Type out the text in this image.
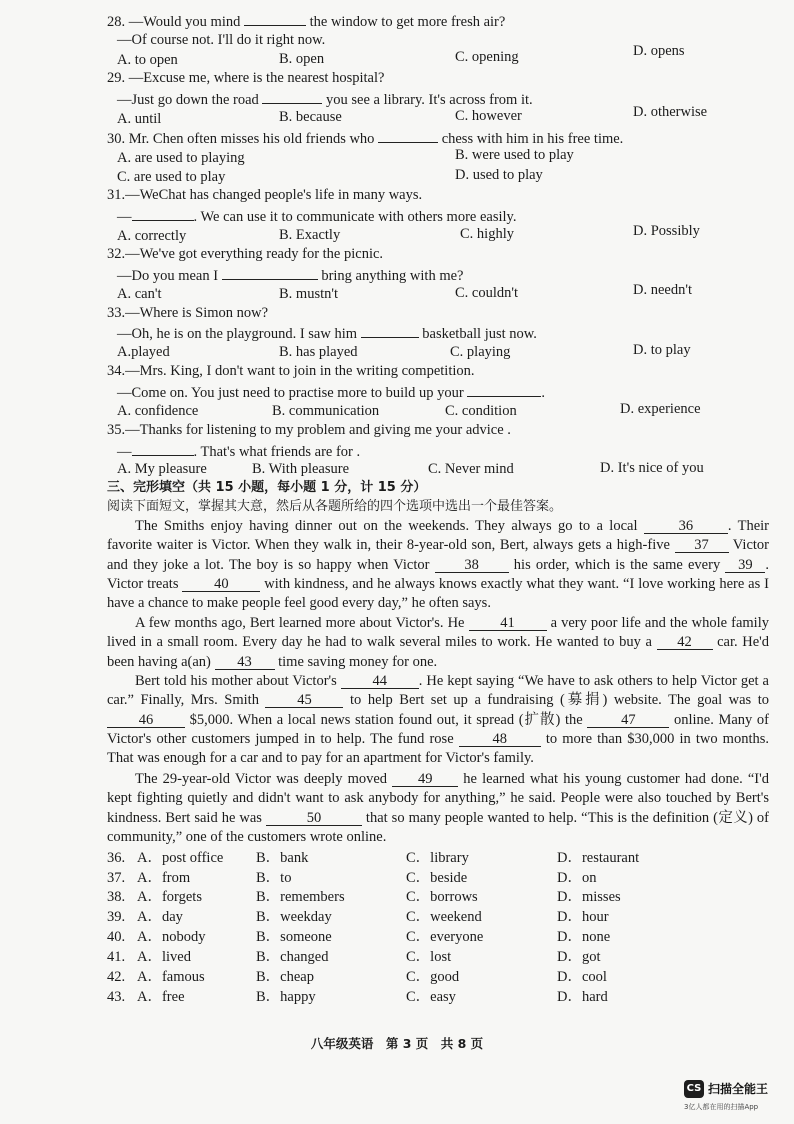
28. —Would you mind	the window to get more fresh air?
—Of course not. I'll do it right now.
A. to open	B. open	C. opening	D. opens
29. —Excuse me, where is the nearest hospital?
—Just go down the road	you see a library. It's across from it.
A. until	B. because	C. however	D. otherwise
30. Mr. Chen often misses his old friends who	chess with him in his free time.
A. are used to playing	B. were used to play
C. are used to play	D. used to play
31.—WeChat has changed people's life in many ways.
—	. We can use it to communicate with others more easily.
A. correctly	B. Exactly	C. highly	D. Possibly
32.—We've got everything ready for the picnic.
—Do you mean I	bring anything with me?
A. can't	B. mustn't	C. couldn't	D. needn't
33.—Where is Simon now?
—Oh, he is on the playground. I saw him	basketball just now.
A.played	B. has played	C. playing	D. to play
34.—Mrs. King, I don't want to join in the writing competition.
—Come on. You just need to practise more to build up your	.
A. confidence	B. communication	C. condition	D. experience
35.—Thanks for listening to my problem and giving me your advice .
—	. That's what friends are for .
A. My pleasure	B. With pleasure	C. Never mind	D. It's nice of you
三、完形填空（共 15 小题，每小题 1 分，计 15 分）
阅读下面短文，掌握其大意，然后从各题所给的四个选项中选出一个最佳答案。
The Smiths enjoy having dinner out on the weekends. They always go to a local 36 . Their favorite waiter is Victor. When they walk in, their 8-year-old son, Bert, always gets a high-five 37 Victor and they joke a lot. The boy is so happy when Victor 38 his order, which is the same every 39 . Victor treats 40 with kindness, and he always knows exactly what they want. “I love working here as I have a chance to make people feel good every day,” he often says.
A few months ago, Bert learned more about Victor's. He 41 a very poor life and the whole family lived in a small room. Every day he had to walk several miles to work. He wanted to buy a 42 car. He'd been having a(an) 43 time saving money for one.
Bert told his mother about Victor's 44 . He kept saying “We have to ask others to help Victor get a car.” Finally, Mrs. Smith 45 to help Bert set up a fundraising (募捐) website. The goal was to 46 $5,000. When a local news station found out, it spread (扩散) the 47 online. Many of Victor's other customers jumped in to help. The fund rose 48 to more than $30,000 in two months. That was enough for a car and to pay for an apartment for Victor's family.
The 29-year-old Victor was deeply moved 49 he learned what his young customer had done. “I'd kept fighting quietly and didn't want to ask anybody for anything,” he said. People were also touched by Bert's kindness. Bert said he was	50	that so many people wanted to help. “This is the definition (定义) of community,” one of the customers wrote online.
36. A．post office B．bank	C．library	D．restaurant
37. A．from	B．to	C．beside	D．on
38. A．forgets	B．remembers	C．borrows	D．misses
39. A．day	B．weekday	C．weekend	D．hour
40. A．nobody	B．someone	C．everyone	D．none
41. A．lived	B．changed	C．lost	D．got
42. A．famous	B．cheap	C．good	D．cool
43. A．free	B．happy	C．easy	D．hard
八年级英语　第 3 页　共 8 页
CS 扫描全能王
3亿人都在用的扫描App
